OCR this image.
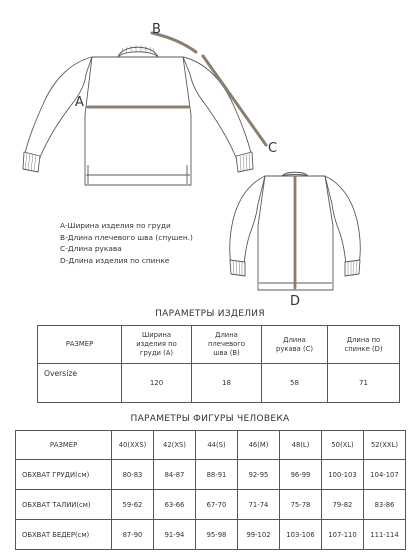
A
B
C
D
A-Ширина изделия по груди
B-Длина плечевого шва (спушен.)
C-Длина рукава
D-Длина изделия по спинке
ПАРАМЕТРЫ ИЗДЕЛИЯ
РАЗМЕР	Ширина изделия по груди (А)	Длина плечевого шва (В)	Длина рукава (С)	Длина по спинке (D)
Oversize	120	18	58	71
ПАРАМЕТРЫ ФИГУРЫ ЧЕЛОВЕКА
РАЗМЕР	40(XXS)	42(XS)	44(S)	46(M)	48(L)	50(XL)	52(XXL)
ОБХВАТ ГРУДИ(см)	80-83	84-87	88-91	92-95	96-99	100-103	104-107
ОБХВАТ ТАЛИИ(см)	59-62	63-66	67-70	71-74	75-78	79-82	83-86
ОБХВАТ БЕДЕР(см)	87-90	91-94	95-98	99-102	103-106	107-110	111-114
